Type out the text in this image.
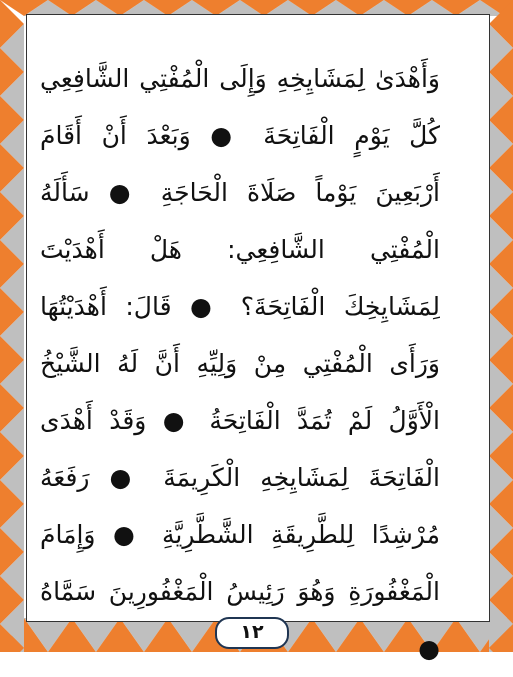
وَأَهْدَىٰ لِمَشَايِخِهِ وَإِلَى الْمُفْتِي الشَّافِعِي
كُلَّ يَوْمٍ الْفَاتِحَةَ ● وَبَعْدَ أَنْ أَقَامَ
أَرْبَعِينَ يَوْماً صَلَاةَ الْحَاجَةِ ● سَأَلَهُ
الْمُفْتِي الشَّافِعِي: هَلْ أَهْدَيْتَ
لِمَشَايِخِكَ الْفَاتِحَةَ؟ ● قَالَ: أَهْدَيْتُهَا
وَرَأَى الْمُفْتِي مِنْ وَلِيِّهِ أَنَّ لَهُ الشَّيْخُ
الْأَوَّلُ لَمْ تُمَدَّ الْفَاتِحَةُ ● وَقَدْ أَهْدَى
الْفَاتِحَةَ لِمَشَايِخِهِ الْكَرِيمَةَ ● رَفَعَهُ
مُرْشِدًا لِلطَّرِيقَةِ الشَّطَّرِيَّةِ ● وَإِمَامَ
الْمَغْفُورَةِ وَهُوَ رَئِيسُ الْمَغْفُورِينَ سَمَّاهُ
●
١٢
